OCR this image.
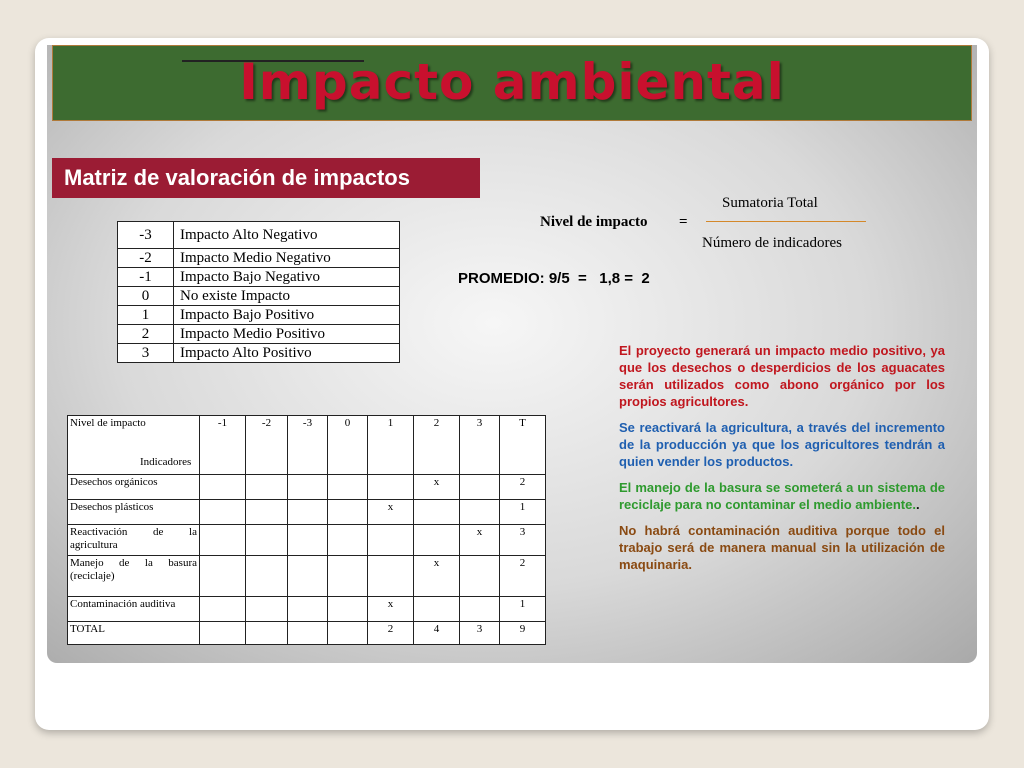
Impacto ambiental
Matriz de valoración de impactos
-3	Impacto Alto Negativo
-2	Impacto Medio Negativo
-1	Impacto Bajo Negativo
0	No existe Impacto
1	Impacto Bajo Positivo
2	Impacto Medio Positivo
3	Impacto Alto Positivo
Nivel de impacto =
Sumatoria Total
Número de indicadores
PROMEDIO: 9/5  =   1,8 =  2
Nivel de impacto
Indicadores	-1	-2	-3	0	1	2	3	T
Desechos orgánicos						x		2
Desechos plásticos					x			1
Reactivación de la agricultura							x	3
Manejo de la basura (reciclaje)						x		2
Contaminación auditiva					x			1
TOTAL					2	4	3	9

El proyecto generará un impacto medio positivo, ya que los desechos o desperdicios de los aguacates serán utilizados como abono orgánico por los propios agricultores.

Se reactivará la agricultura, a través del incremento de la producción ya que los agricultores tendrán a quien vender los productos.

El manejo de la basura se someterá a un sistema de reciclaje para no contaminar el medio ambiente..

No habrá contaminación auditiva porque todo el trabajo será de manera manual sin la utilización de maquinaria.
